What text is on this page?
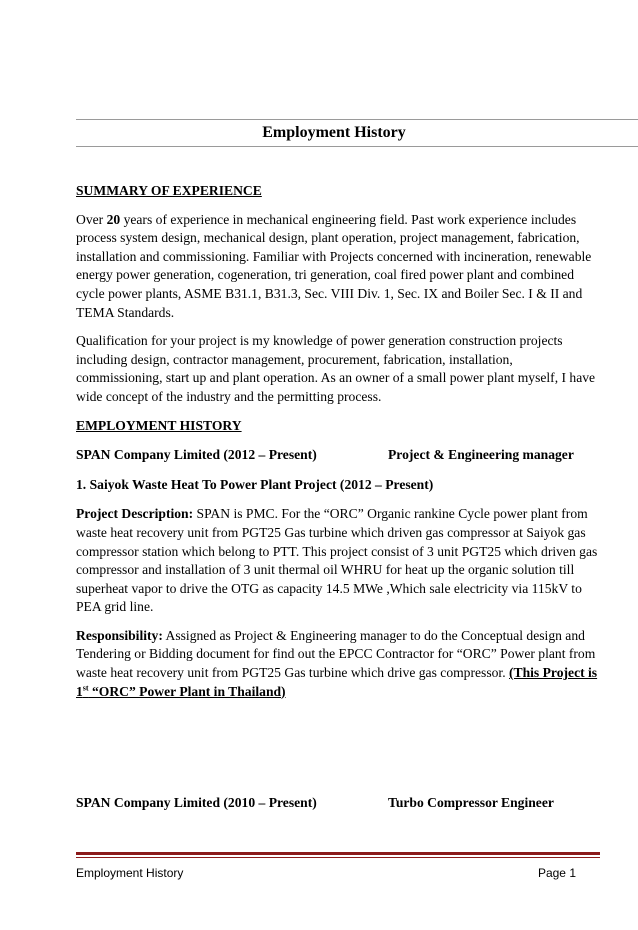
Employment History

SUMMARY OF EXPERIENCE

Over 20 years of experience in mechanical engineering field. Past work experience includes process system design, mechanical design, plant operation, project management, fabrication, installation and commissioning. Familiar with Projects concerned with incineration, renewable energy power generation, cogeneration, tri generation, coal fired power plant and combined cycle power plants, ASME B31.1, B31.3, Sec. VIII Div. 1, Sec. IX and Boiler Sec. I & II and TEMA Standards.

Qualification for your project is my knowledge of power generation construction projects including design, contractor management, procurement, fabrication, installation, commissioning, start up and plant operation. As an owner of a small power plant myself, I have wide concept of the industry and the permitting process.

EMPLOYMENT HISTORY

SPAN Company Limited (2012 – Present)	Project & Engineering manager

1. Saiyok Waste Heat To Power Plant Project (2012 – Present)

Project Description: SPAN is PMC. For the “ORC” Organic rankine Cycle power plant from waste heat recovery unit from PGT25 Gas turbine which driven gas compressor at Saiyok gas compressor station which belong to PTT. This project consist of 3 unit PGT25 which driven gas compressor and installation of 3 unit thermal oil WHRU for heat up the organic solution till superheat vapor to drive the OTG as capacity 14.5 MWe ,Which sale electricity via 115kV to PEA grid line.

Responsibility: Assigned as Project & Engineering manager to do the Conceptual design and Tendering or Bidding document for find out the EPCC Contractor for “ORC” Power plant from waste heat recovery unit from PGT25 Gas turbine which drive gas compressor. (This Project is 1st “ORC” Power Plant in Thailand)

SPAN Company Limited (2010 – Present)	Turbo Compressor Engineer
Employment History	Page 1
